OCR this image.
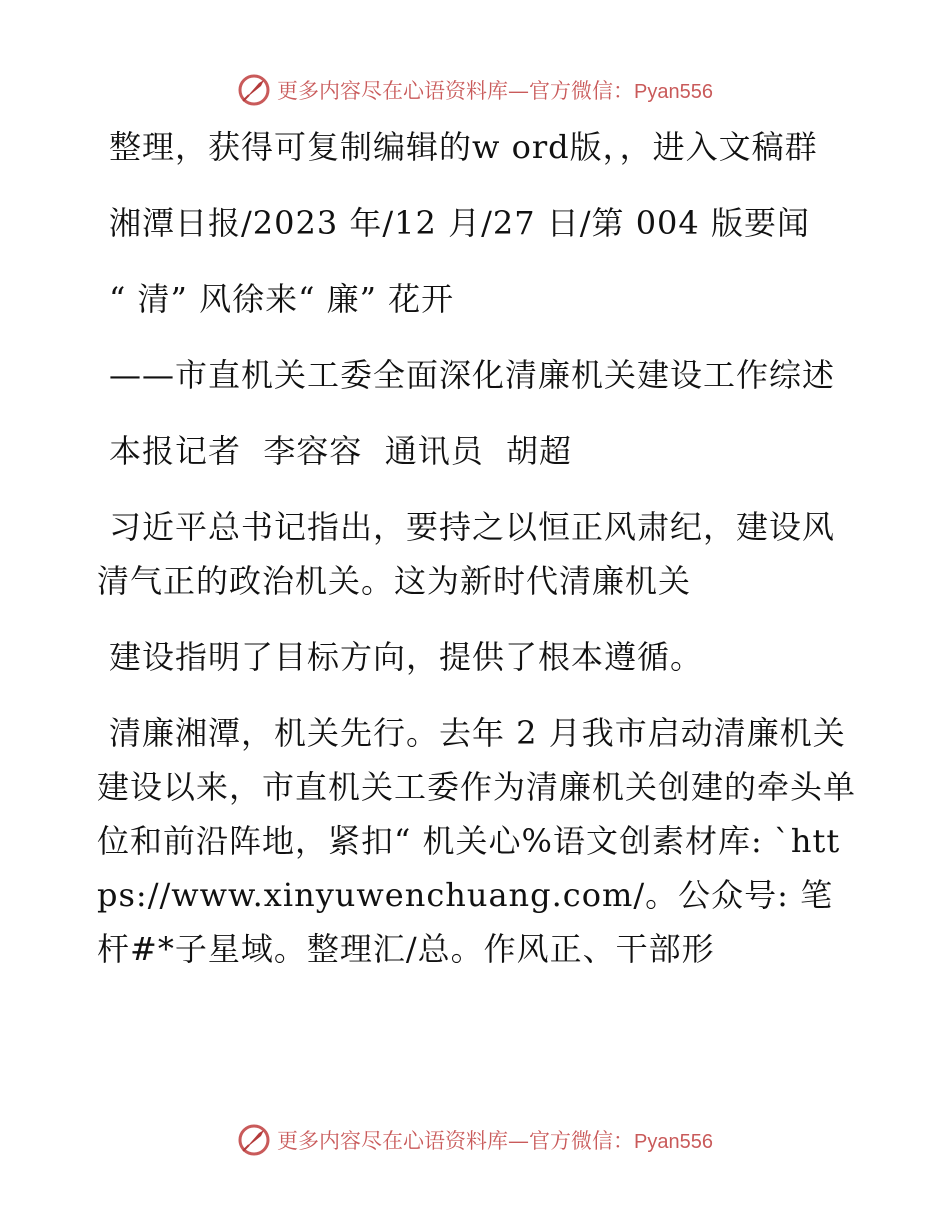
更多内容尽在心语资料库—官方微信：Pyan556

整理，获得可复制编辑的w ord版，，进入文稿群

湘潭日报/2023 年/12 月/27 日/第 004 版要闻

“ 清” 风徐来“ 廉” 花开

——市直机关工委全面深化清廉机关建设工作综述

本报记者  李容容  通讯员  胡超

习近平总书记指出，要持之以恒正风肃纪，建设风清气正的政治机关。这为新时代清廉机关

建设指明了目标方向，提供了根本遵循。

清廉湘潭，机关先行。去年 2 月我市启动清廉机关建设以来，市直机关工委作为清廉机关创建的牵头单位和前沿阵地，紧扣“ 机关心%语文创素材库: `https://www.xinyuwenchuang.com/。公众号: 笔杆#*子星域。整理汇/总。作风正、干部形

更多内容尽在心语资料库—官方微信：Pyan556
